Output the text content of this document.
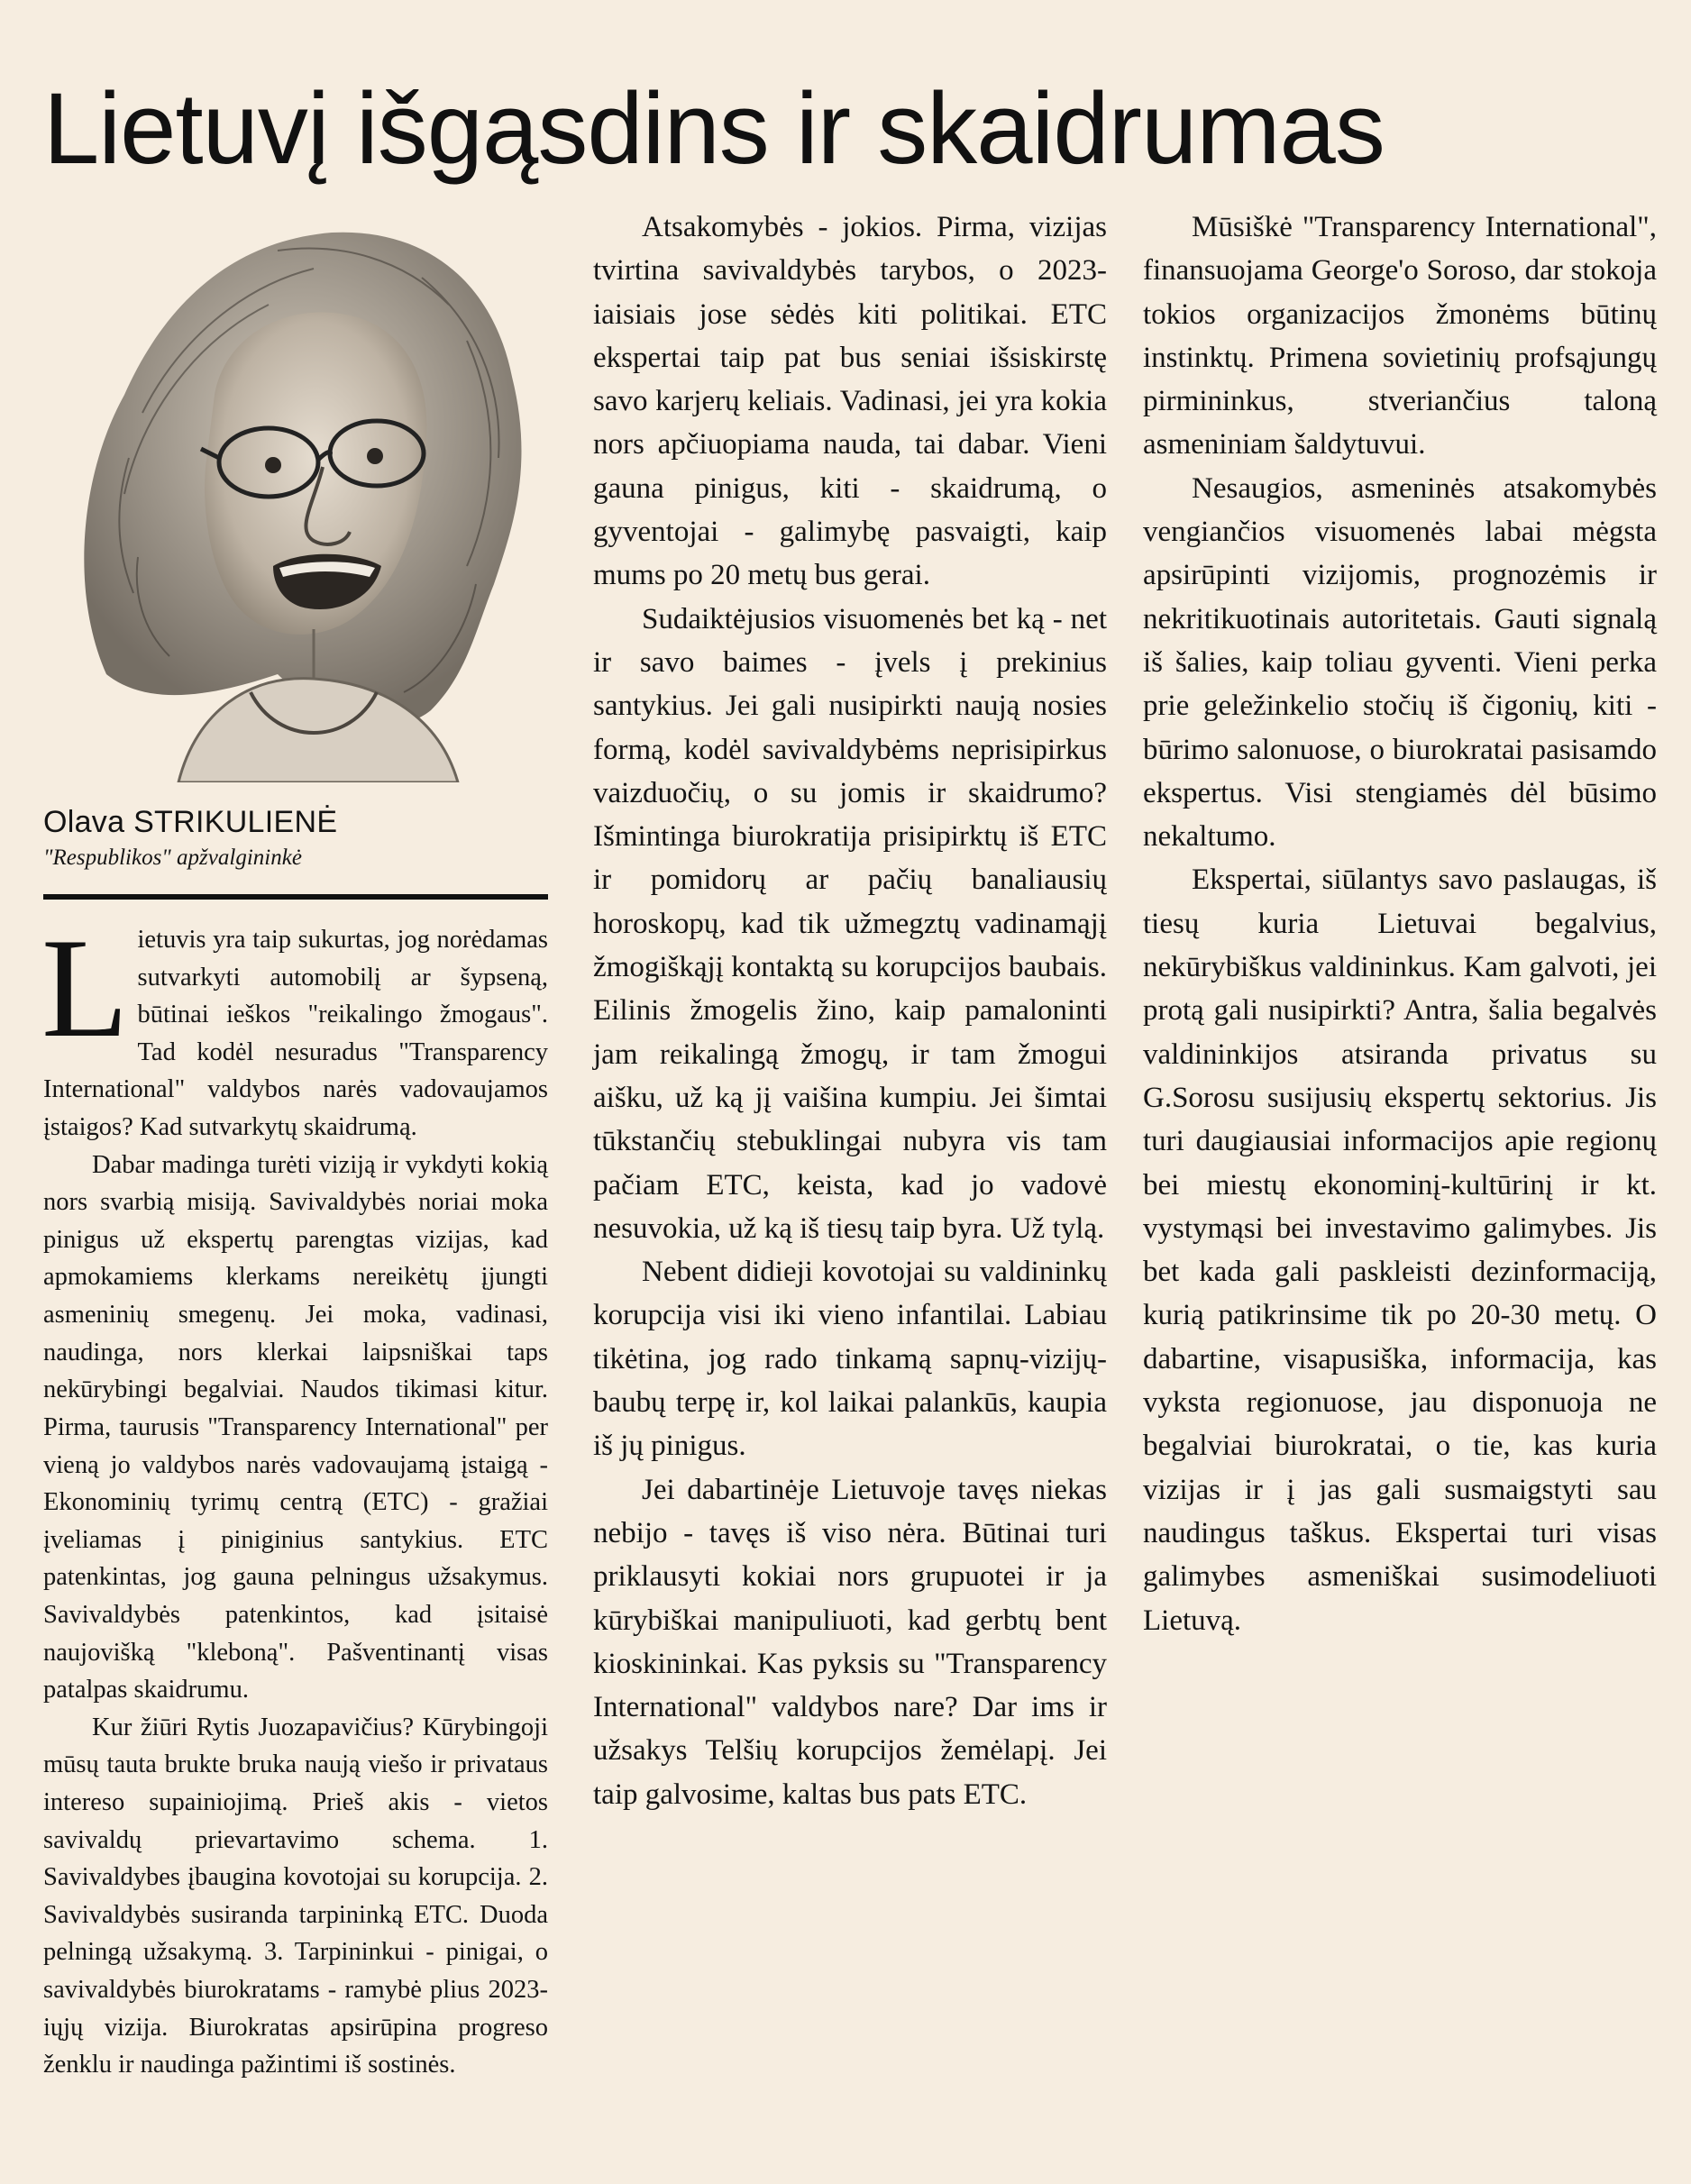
Lietuvį išgąsdins ir skaidrumas
Olava STRIKULIENĖ
"Respublikos" apžvalgininkė

Lietuvis yra taip sukurtas, jog norėdamas sutvarkyti automobilį ar šypseną, būtinai ieškos "reikalingo žmogaus". Tad kodėl nesuradus "Transparency International" valdybos narės vadovaujamos įstaigos? Kad sutvarkytų skaidrumą.

Dabar madinga turėti viziją ir vykdyti kokią nors svarbią misiją. Savivaldybės noriai moka pinigus už ekspertų parengtas vizijas, kad apmokamiems klerkams nereikėtų įjungti asmeninių smegenų. Jei moka, vadinasi, naudinga, nors klerkai laipsniškai taps nekūrybingi begalviai. Naudos tikimasi kitur. Pirma, taurusis "Transparency International" per vieną jo valdybos narės vadovaujamą įstaigą - Ekonominių tyrimų centrą (ETC) - gražiai įveliamas į piniginius santykius. ETC patenkintas, jog gauna pelningus užsakymus. Savivaldybės patenkintos, kad įsitaisė naujovišką "kleboną". Pašventinantį visas patalpas skaidrumu.

Kur žiūri Rytis Juozapavičius? Kūrybingoji mūsų tauta brukte bruka naują viešo ir privataus intereso supainiojimą. Prieš akis - vietos savivaldų prievartavimo schema. 1. Savivaldybes įbaugina kovotojai su korupcija. 2. Savivaldybės susiranda tarpininką ETC. Duoda pelningą užsakymą. 3. Tarpininkui - pinigai, o savivaldybės biurokratams - ramybė plius 2023-iųjų vizija. Biurokratas apsirūpina progreso ženklu ir naudinga pažintimi iš sostinės.

Atsakomybės - jokios. Pirma, vizijas tvirtina savivaldybės tarybos, o 2023-iaisiais jose sėdės kiti politikai. ETC ekspertai taip pat bus seniai išsiskirstę savo karjerų keliais. Vadinasi, jei yra kokia nors apčiuopiama nauda, tai dabar. Vieni gauna pinigus, kiti - skaidrumą, o gyventojai - galimybę pasvaigti, kaip mums po 20 metų bus gerai.

Sudaiktėjusios visuomenės bet ką - net ir savo baimes - įvels į prekinius santykius. Jei gali nusipirkti naują nosies formą, kodėl savivaldybėms neprisipirkus vaizduočių, o su jomis ir skaidrumo? Išmintinga biurokratija prisipirktų iš ETC ir pomidorų ar pačių banaliausių horoskopų, kad tik užmegztų vadinamąjį žmogiškąjį kontaktą su korupcijos baubais. Eilinis žmogelis žino, kaip pamaloninti jam reikalingą žmogų, ir tam žmogui aišku, už ką jį vaišina kumpiu. Jei šimtai tūkstančių stebuklingai nubyra vis tam pačiam ETC, keista, kad jo vadovė nesuvokia, už ką iš tiesų taip byra. Už tylą.

Nebent didieji kovotojai su valdininkų korupcija visi iki vieno infantilai. Labiau tikėtina, jog rado tinkamą sapnų-vizijų-baubų terpę ir, kol laikai palankūs, kaupia iš jų pinigus.

Jei dabartinėje Lietuvoje tavęs niekas nebijo - tavęs iš viso nėra. Būtinai turi priklausyti kokiai nors grupuotei ir ja kūrybiškai manipuliuoti, kad gerbtų bent kioskininkai. Kas pyksis su "Transparency International" valdybos nare? Dar ims ir užsakys Telšių korupcijos žemėlapį. Jei taip galvosime, kaltas bus pats ETC.

Mūsiškė "Transparency International", finansuojama George'o Soroso, dar stokoja tokios organizacijos žmonėms būtinų instinktų. Primena sovietinių profsąjungų pirmininkus, stveriančius taloną asmeniniam šaldytuvui.

Nesaugios, asmeninės atsakomybės vengiančios visuomenės labai mėgsta apsirūpinti vizijomis, prognozėmis ir nekritikuotinais autoritetais. Gauti signalą iš šalies, kaip toliau gyventi. Vieni perka prie geležinkelio stočių iš čigonių, kiti - būrimo salonuose, o biurokratai pasisamdo ekspertus. Visi stengiamės dėl būsimo nekaltumo.

Ekspertai, siūlantys savo paslaugas, iš tiesų kuria Lietuvai begalvius, nekūrybiškus valdininkus. Kam galvoti, jei protą gali nusipirkti? Antra, šalia begalvės valdininkijos atsiranda privatus su G.Sorosu susijusių ekspertų sektorius. Jis turi daugiausiai informacijos apie regionų bei miestų ekonominį-kultūrinį ir kt. vystymąsi bei investavimo galimybes. Jis bet kada gali paskleisti dezinformaciją, kurią patikrinsime tik po 20-30 metų. O dabartine, visapusiška, informacija, kas vyksta regionuose, jau disponuoja ne begalviai biurokratai, o tie, kas kuria vizijas ir į jas gali susmaigstyti sau naudingus taškus. Ekspertai turi visas galimybes asmeniškai susimodeliuoti Lietuvą.
